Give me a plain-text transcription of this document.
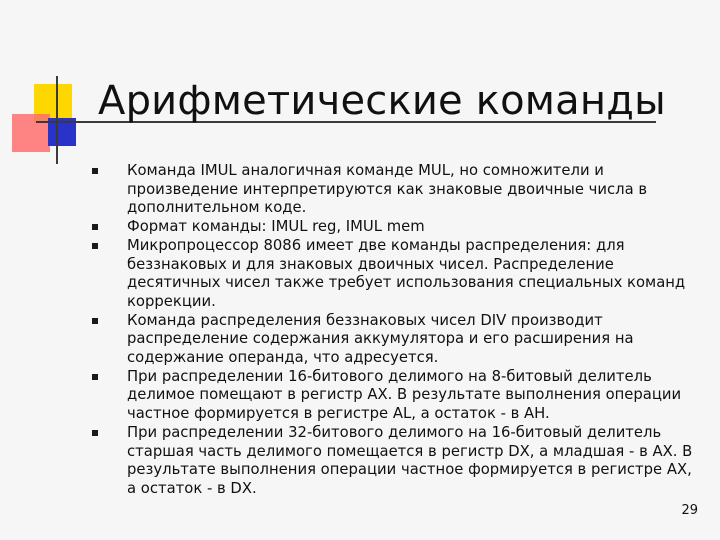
Арифметические команды
Команда IMUL аналогичная команде MUL, но сомножители и произведение интерпретируются как знаковые двоичные числа в дополнительном коде.
Формат команды: IMUL reg, IMUL mem
Микропроцессор 8086 имеет две команды распределения: для беззнаковых и для знаковых двоичных чисел. Распределение десятичных чисел также требует использования специальных команд коррекции.
Команда распределения беззнаковых чисел DIV производит распределение содержания аккумулятора и его расширения на содержание операнда, что адресуется.
При распределении 16-битового делимого на 8-битовый делитель делимое помещают в регистр AX. В результате выполнения операции частное формируется в регистре AL, а остаток - в AH.
При распределении 32-битового делимого на 16-битовый делитель старшая часть делимого помещается в регистр DX, а младшая - в AX. В результате выполнения операции частное формируется в регистре AX, а остаток - в DX.
29
